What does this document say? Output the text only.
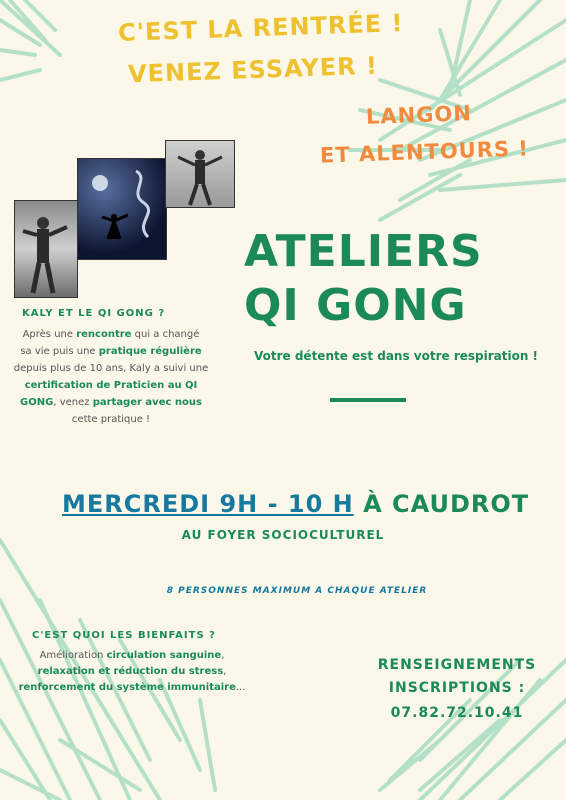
C'EST LA RENTRÉE !
VENEZ ESSAYER !
LANGON
ET ALENTOURS !
ATELIERS
QI GONG
Votre détente est dans votre respiration !
KALY ET LE QI GONG ?
Après une rencontre qui a changé
sa vie puis une pratique régulière
depuis plus de 10 ans, Kaly a suivi une
certification de Praticien au QI
GONG, venez partager avec nous
cette pratique !
MERCREDI 9H - 10 H À CAUDROT
AU FOYER SOCIOCULTUREL
8 PERSONNES MAXIMUM A CHAQUE ATELIER
C'EST QUOI LES BIENFAITS ?
Amélioration circulation sanguine,
relaxation et réduction du stress,
renforcement du système immunitaire...
RENSEIGNEMENTS
INSCRIPTIONS :
07.82.72.10.41
